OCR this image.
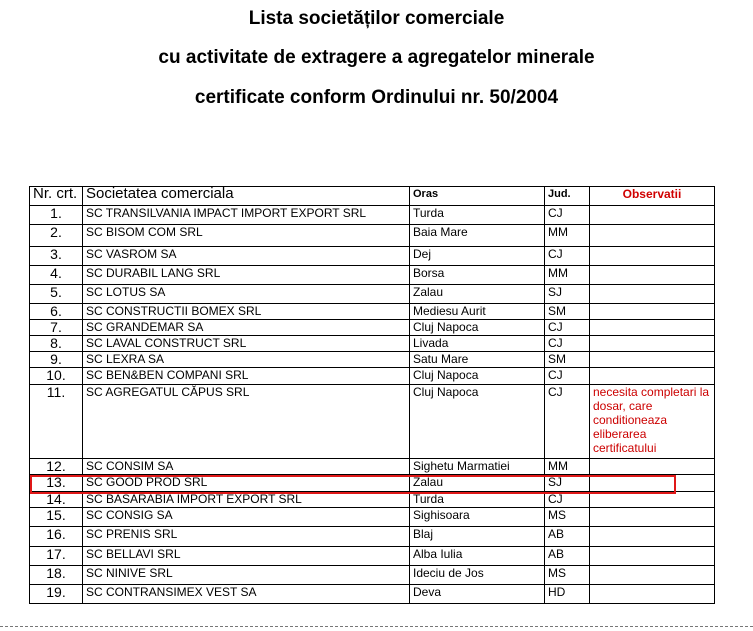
Lista societăților comerciale
cu activitate de extragere a agregatelor minerale
certificate conform Ordinului nr. 50/2004
Nr. crt.	Societatea comerciala	Oras	Jud.	Observatii
1.	SC TRANSILVANIA IMPACT IMPORT EXPORT SRL	Turda	CJ	
2.	SC BISOM COM SRL	Baia Mare	MM	
3.	SC VASROM SA	Dej	CJ	
4.	SC DURABIL LANG SRL	Borsa	MM	
5.	SC LOTUS SA	Zalau	SJ	
6.	SC CONSTRUCTII BOMEX SRL	Mediesu Aurit	SM	
7.	SC GRANDEMAR SA	Cluj Napoca	CJ	
8.	SC LAVAL CONSTRUCT SRL	Livada	CJ	
9.	SC LEXRA SA	Satu Mare	SM	
10.	SC BEN&BEN COMPANI SRL	Cluj Napoca	CJ	
11.	SC AGREGATUL CĂPUS SRL	Cluj Napoca	CJ	necesita completari la dosar, care conditioneaza eliberarea certificatului
12.	SC CONSIM SA	Sighetu Marmatiei	MM	
13.	SC GOOD PROD SRL	Zalau	SJ	
14.	SC BASARABIA IMPORT EXPORT SRL	Turda	CJ	
15.	SC CONSIG SA	Sighisoara	MS	
16.	SC PRENIS SRL	Blaj	AB	
17.	SC BELLAVI SRL	Alba Iulia	AB	
18.	SC NINIVE SRL	Ideciu de Jos	MS	
19.	SC CONTRANSIMEX VEST SA	Deva	HD	
